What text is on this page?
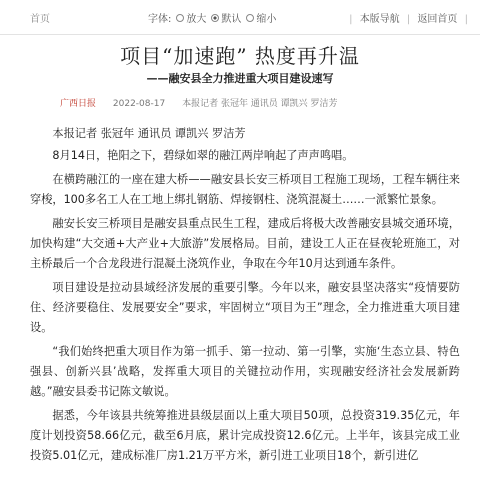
首页	字体: 放大 默认 缩小	| 本版导航 | 返回首页 |
项目“加速跑” 热度再升温
——融安县全力推进重大项目建设速写
广西日报 2022-08-17 本报记者 张冠年 通讯员 谭凯兴 罗洁芳

本报记者 张冠年 通讯员 谭凯兴 罗洁芳

8月14日，艳阳之下，碧绿如翠的融江两岸响起了声声鸣唱。

在横跨融江的一座在建大桥——融安县长安三桥项目工程施工现场，工程车辆往来穿梭，100多名工人在工地上绑扎钢筋、焊接钢柱、浇筑混凝土……一派繁忙景象。

融安长安三桥项目是融安县重点民生工程，建成后将极大改善融安县城交通环境，加快构建“大交通+大产业+大旅游”发展格局。目前，建设工人正在昼夜轮班施工，对主桥最后一个合龙段进行混凝土浇筑作业，争取在今年10月达到通车条件。

项目建设是拉动县域经济发展的重要引擎。今年以来，融安县坚决落实“疫情要防住、经济要稳住、发展要安全”要求，牢固树立“项目为王”理念，全力推进重大项目建设。

“我们始终把重大项目作为第一抓手、第一拉动、第一引擎，实施‘生态立县、特色强县、创新兴县’战略，发挥重大项目的关键拉动作用，实现融安经济社会发展新跨越。”融安县委书记陈文敏说。

据悉，今年该县共统筹推进县级层面以上重大项目50项，总投资319.35亿元，年度计划投资58.66亿元，截至6月底，累计完成投资12.6亿元。上半年，该县完成工业投资5.01亿元，建成标准厂房1.21万平方米，新引进工业项目18个，新引进亿
